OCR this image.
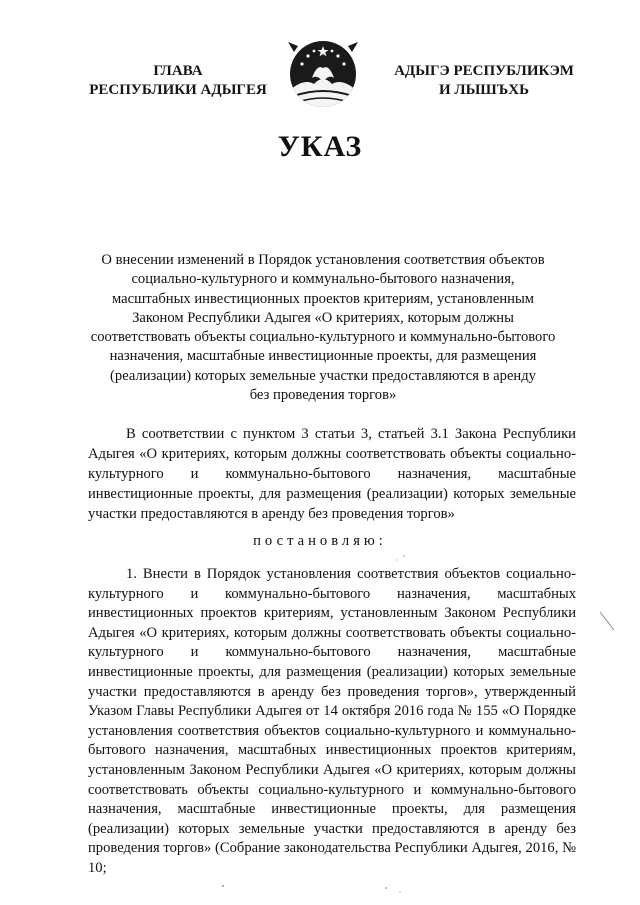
ГЛАВА
РЕСПУБЛИКИ АДЫГЕЯ
АДЫГЭ РЕСПУБЛИКЭМ
И ЛЫШЪХЬ
УКАЗ
О внесении изменений в Порядок установления соответствия объектов
социально-культурного и коммунально-бытового назначения,
масштабных инвестиционных проектов критериям, установленным
Законом Республики Адыгея «О критериях, которым должны
соответствовать объекты социально-культурного и коммунально-бытового
назначения, масштабные инвестиционные проекты, для размещения
(реализации) которых земельные участки предоставляются в аренду
без проведения торгов»
В соответствии с пунктом 3 статьи 3, статьей 3.1 Закона Республики Адыгея «О критериях, которым должны соответствовать объекты социально-культурного и коммунально-бытового назначения, масштабные инвестиционные проекты, для размещения (реализации) которых земельные участки предоставляются в аренду без проведения торгов»
постановляю:
1. Внести в Порядок установления соответствия объектов социально-культурного и коммунально-бытового назначения, масштабных инвестиционных проектов критериям, установленным Законом Республики Адыгея «О критериях, которым должны соответствовать объекты социально-культурного и коммунально-бытового назначения, масштабные инвестиционные проекты, для размещения (реализации) которых земельные участки предоставляются в аренду без проведения торгов», утвержденный Указом Главы Республики Адыгея от 14 октября 2016 года № 155 «О Порядке установления соответствия объектов социально-культурного и коммунально-бытового назначения, масштабных инвестиционных проектов критериям, установленным Законом Республики Адыгея «О критериях, которым должны соответствовать объекты социально-культурного и коммунально-бытового назначения, масштабные инвестиционные проекты, для размещения (реализации) которых земельные участки предоставляются в аренду без проведения торгов» (Собрание законодательства Республики Адыгея, 2016, № 10;
